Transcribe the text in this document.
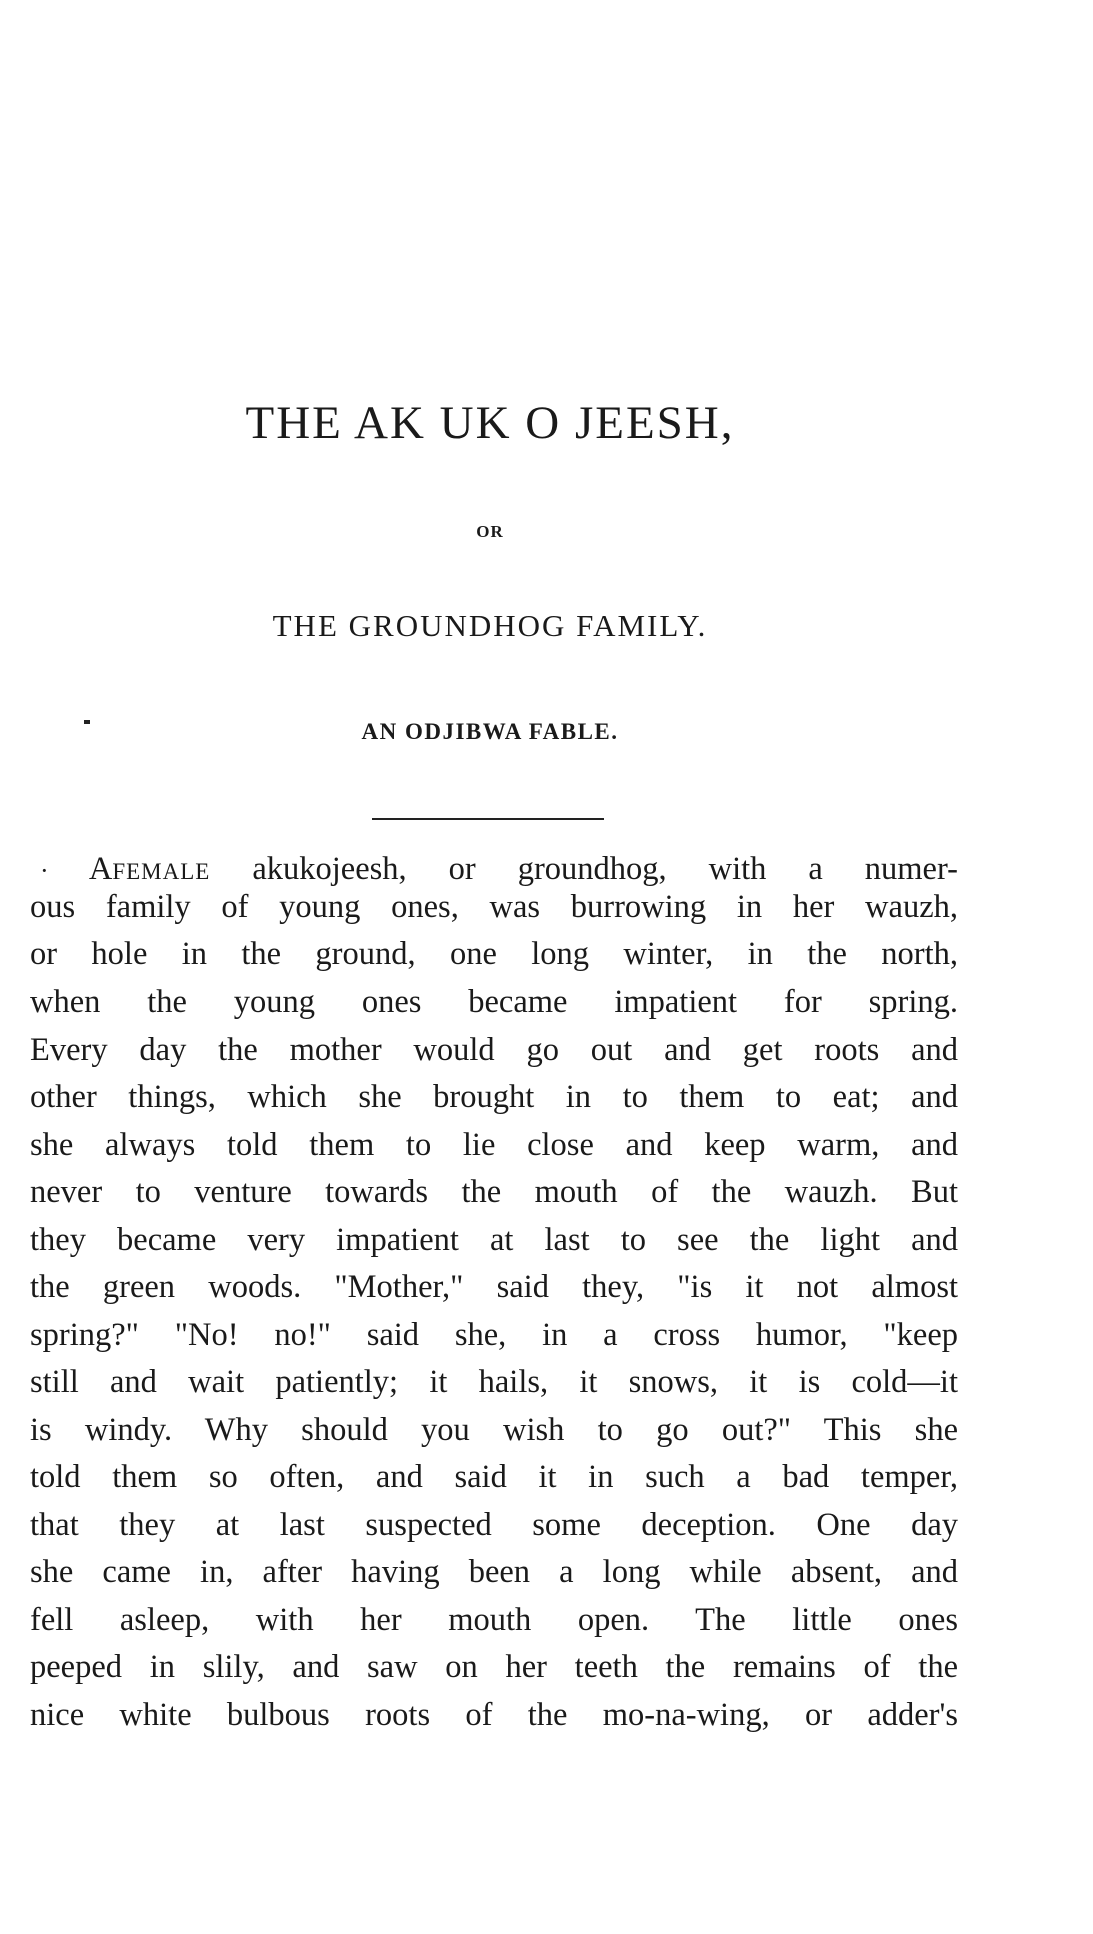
THE AK UK O JEESH,
OR
THE GROUNDHOG FAMILY.
AN ODJIBWA FABLE.
· Afemale akukojeesh, or groundhog, with a numer-
ous family of young ones, was burrowing in her wauzh,
or hole in the ground, one long winter, in the north,
when the young ones became impatient for spring.
Every day the mother would go out and get roots and
other things, which she brought in to them to eat; and
she always told them to lie close and keep warm, and
never to venture towards the mouth of the wauzh. But
they became very impatient at last to see the light and
the green woods. "Mother," said they, "is it not almost
spring?" "No! no!" said she, in a cross humor, "keep
still and wait patiently; it hails, it snows, it is cold—it
is windy. Why should you wish to go out?" This she
told them so often, and said it in such a bad temper,
that they at last suspected some deception. One day
she came in, after having been a long while absent, and
fell asleep, with her mouth open. The little ones
peeped in slily, and saw on her teeth the remains of the
nice white bulbous roots of the mo-na-wing, or adder's
